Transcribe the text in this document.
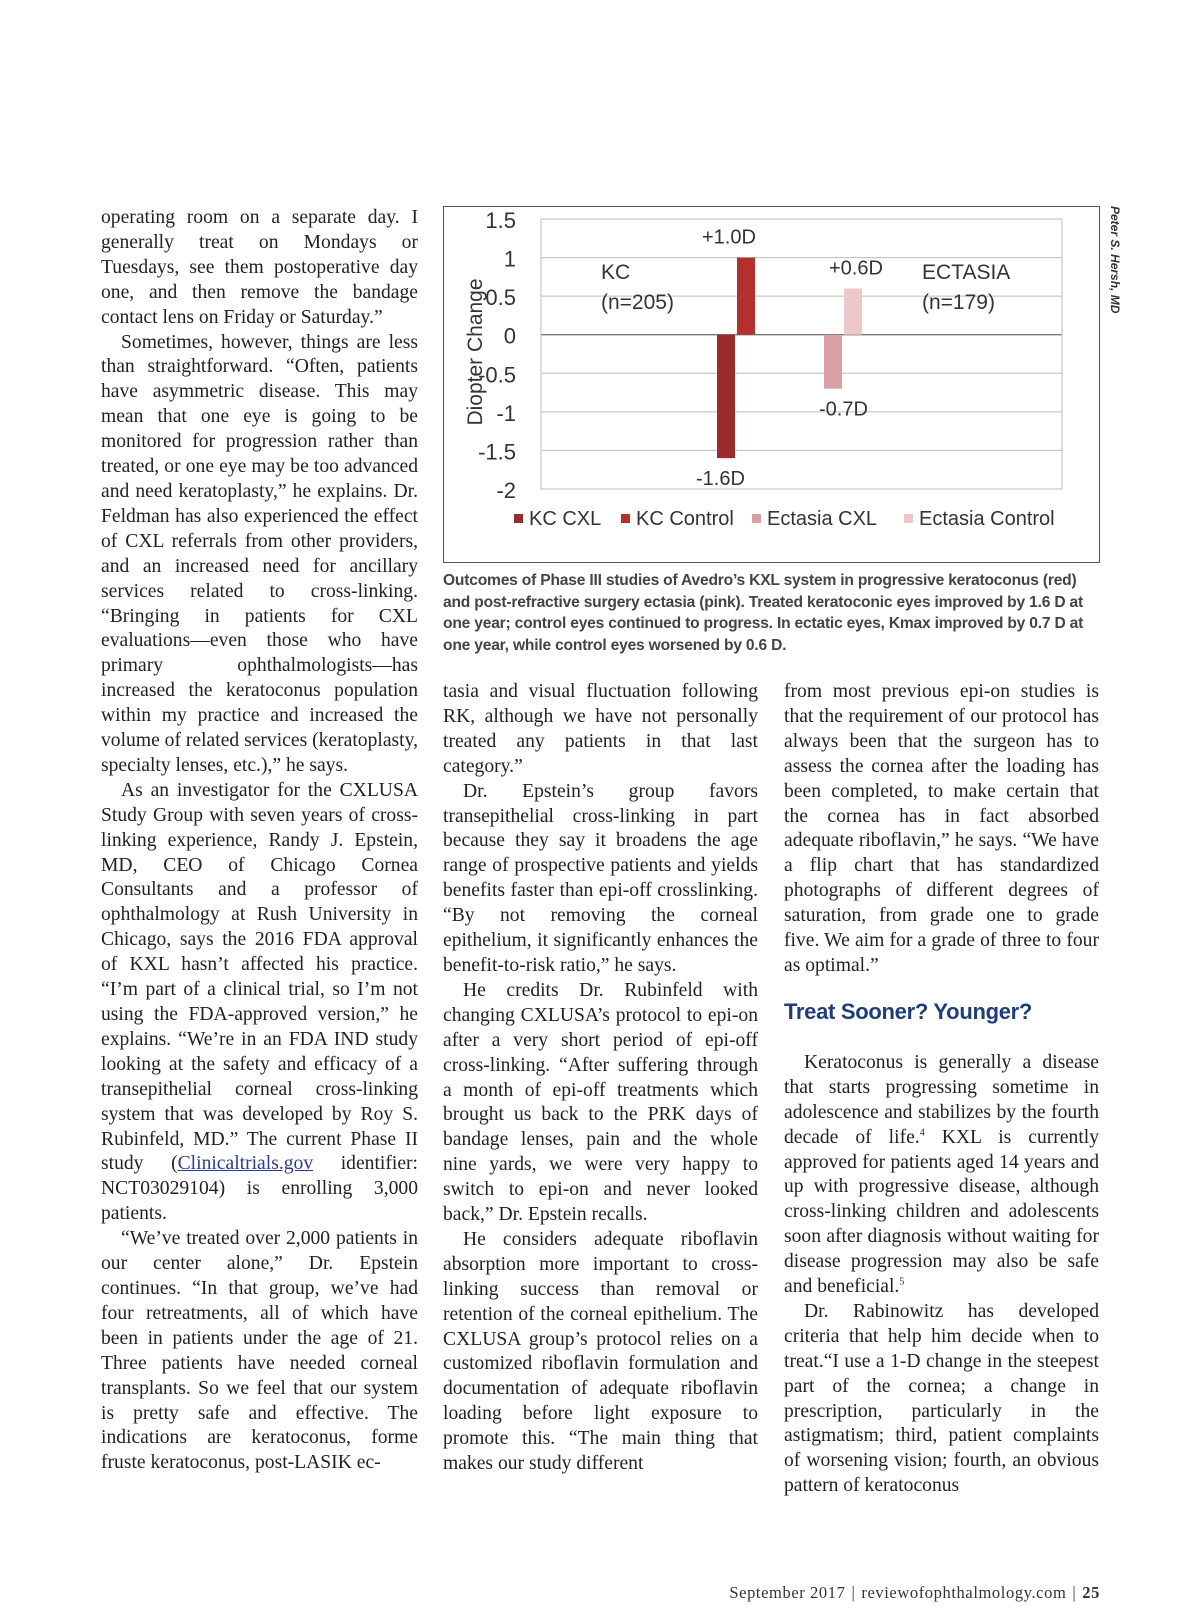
operating room on a separate day. I generally treat on Mondays or Tuesdays, see them postoperative day one, and then remove the bandage contact lens on Friday or Saturday.”

Sometimes, however, things are less than straightforward. “Often, patients have asymmetric disease. This may mean that one eye is going to be monitored for progression rather than treated, or one eye may be too advanced and need keratoplasty,” he explains. Dr. Feldman has also experienced the effect of CXL referrals from other providers, and an increased need for ancillary services related to cross-linking. “Bringing in patients for CXL evaluations—even those who have primary ophthalmologists—has increased the keratoconus population within my practice and increased the volume of related services (keratoplasty, specialty lenses, etc.),” he says.

As an investigator for the CXLUSA Study Group with seven years of cross-linking experience, Randy J. Epstein, MD, CEO of Chicago Cornea Consultants and a professor of ophthalmology at Rush University in Chicago, says the 2016 FDA approval of KXL hasn’t affected his practice. “I’m part of a clinical trial, so I’m not using the FDA-approved version,” he explains. “We’re in an FDA IND study looking at the safety and efficacy of a transepithelial corneal cross-linking system that was developed by Roy S. Rubinfeld, MD.” The current Phase II study (Clinicaltrials.gov identifier: NCT03029104) is enrolling 3,000 patients.

“We’ve treated over 2,000 patients in our center alone,” Dr. Epstein continues. “In that group, we’ve had four retreatments, all of which have been in patients under the age of 21. Three patients have needed corneal transplants. So we feel that our system is pretty safe and effective. The indications are keratoconus, forme fruste keratoconus, post-LASIK ec-

1.5
1
0.5
0
-0.5
-1
-1.5
-2
Diopter Change
-1.6D
+1.0D
-0.7D
+0.6D
KC
(n=205)
ECTASIA
(n=179)
KC CXL KC Control Ectasia CXL Ectasia Control
Peter S. Hersh, MD
Outcomes of Phase III studies of Avedro’s KXL system in progressive keratoconus (red) and post-refractive surgery ectasia (pink). Treated keratoconic eyes improved by 1.6 D at one year; control eyes continued to progress. In ectatic eyes, Kmax improved by 0.7 D at one year, while control eyes worsened by 0.6 D.

tasia and visual fluctuation following RK, although we have not personally treated any patients in that last category.”

Dr. Epstein’s group favors transepithelial cross-linking in part because they say it broadens the age range of prospective patients and yields benefits faster than epi-off crosslinking. “By not removing the corneal epithelium, it significantly enhances the benefit-to-risk ratio,” he says.

He credits Dr. Rubinfeld with changing CXLUSA’s protocol to epi-on after a very short period of epi-off cross-linking. “After suffering through a month of epi-off treatments which brought us back to the PRK days of bandage lenses, pain and the whole nine yards, we were very happy to switch to epi-on and never looked back,” Dr. Epstein recalls.

He considers adequate riboflavin absorption more important to cross-linking success than removal or retention of the corneal epithelium. The CXLUSA group’s protocol relies on a customized riboflavin formulation and documentation of adequate riboflavin loading before light exposure to promote this. “The main thing that makes our study different

from most previous epi-on studies is that the requirement of our protocol has always been that the surgeon has to assess the cornea after the loading has been completed, to make certain that the cornea has in fact absorbed adequate riboflavin,” he says. “We have a flip chart that has standardized photographs of different degrees of saturation, from grade one to grade five. We aim for a grade of three to four as optimal.”

Treat Sooner? Younger?

Keratoconus is generally a disease that starts progressing sometime in adolescence and stabilizes by the fourth decade of life.$^4$ KXL is currently approved for patients aged 14 years and up with progressive disease, although cross-linking children and adolescents soon after diagnosis without waiting for disease progression may also be safe and beneficial.$^5$

Dr. Rabinowitz has developed criteria that help him decide when to treat.“I use a 1-D change in the steepest part of the cornea; a change in prescription, particularly in the astigmatism; third, patient complaints of worsening vision; fourth, an obvious pattern of keratoconus

September 2017 | reviewofophthalmology.com | 25
